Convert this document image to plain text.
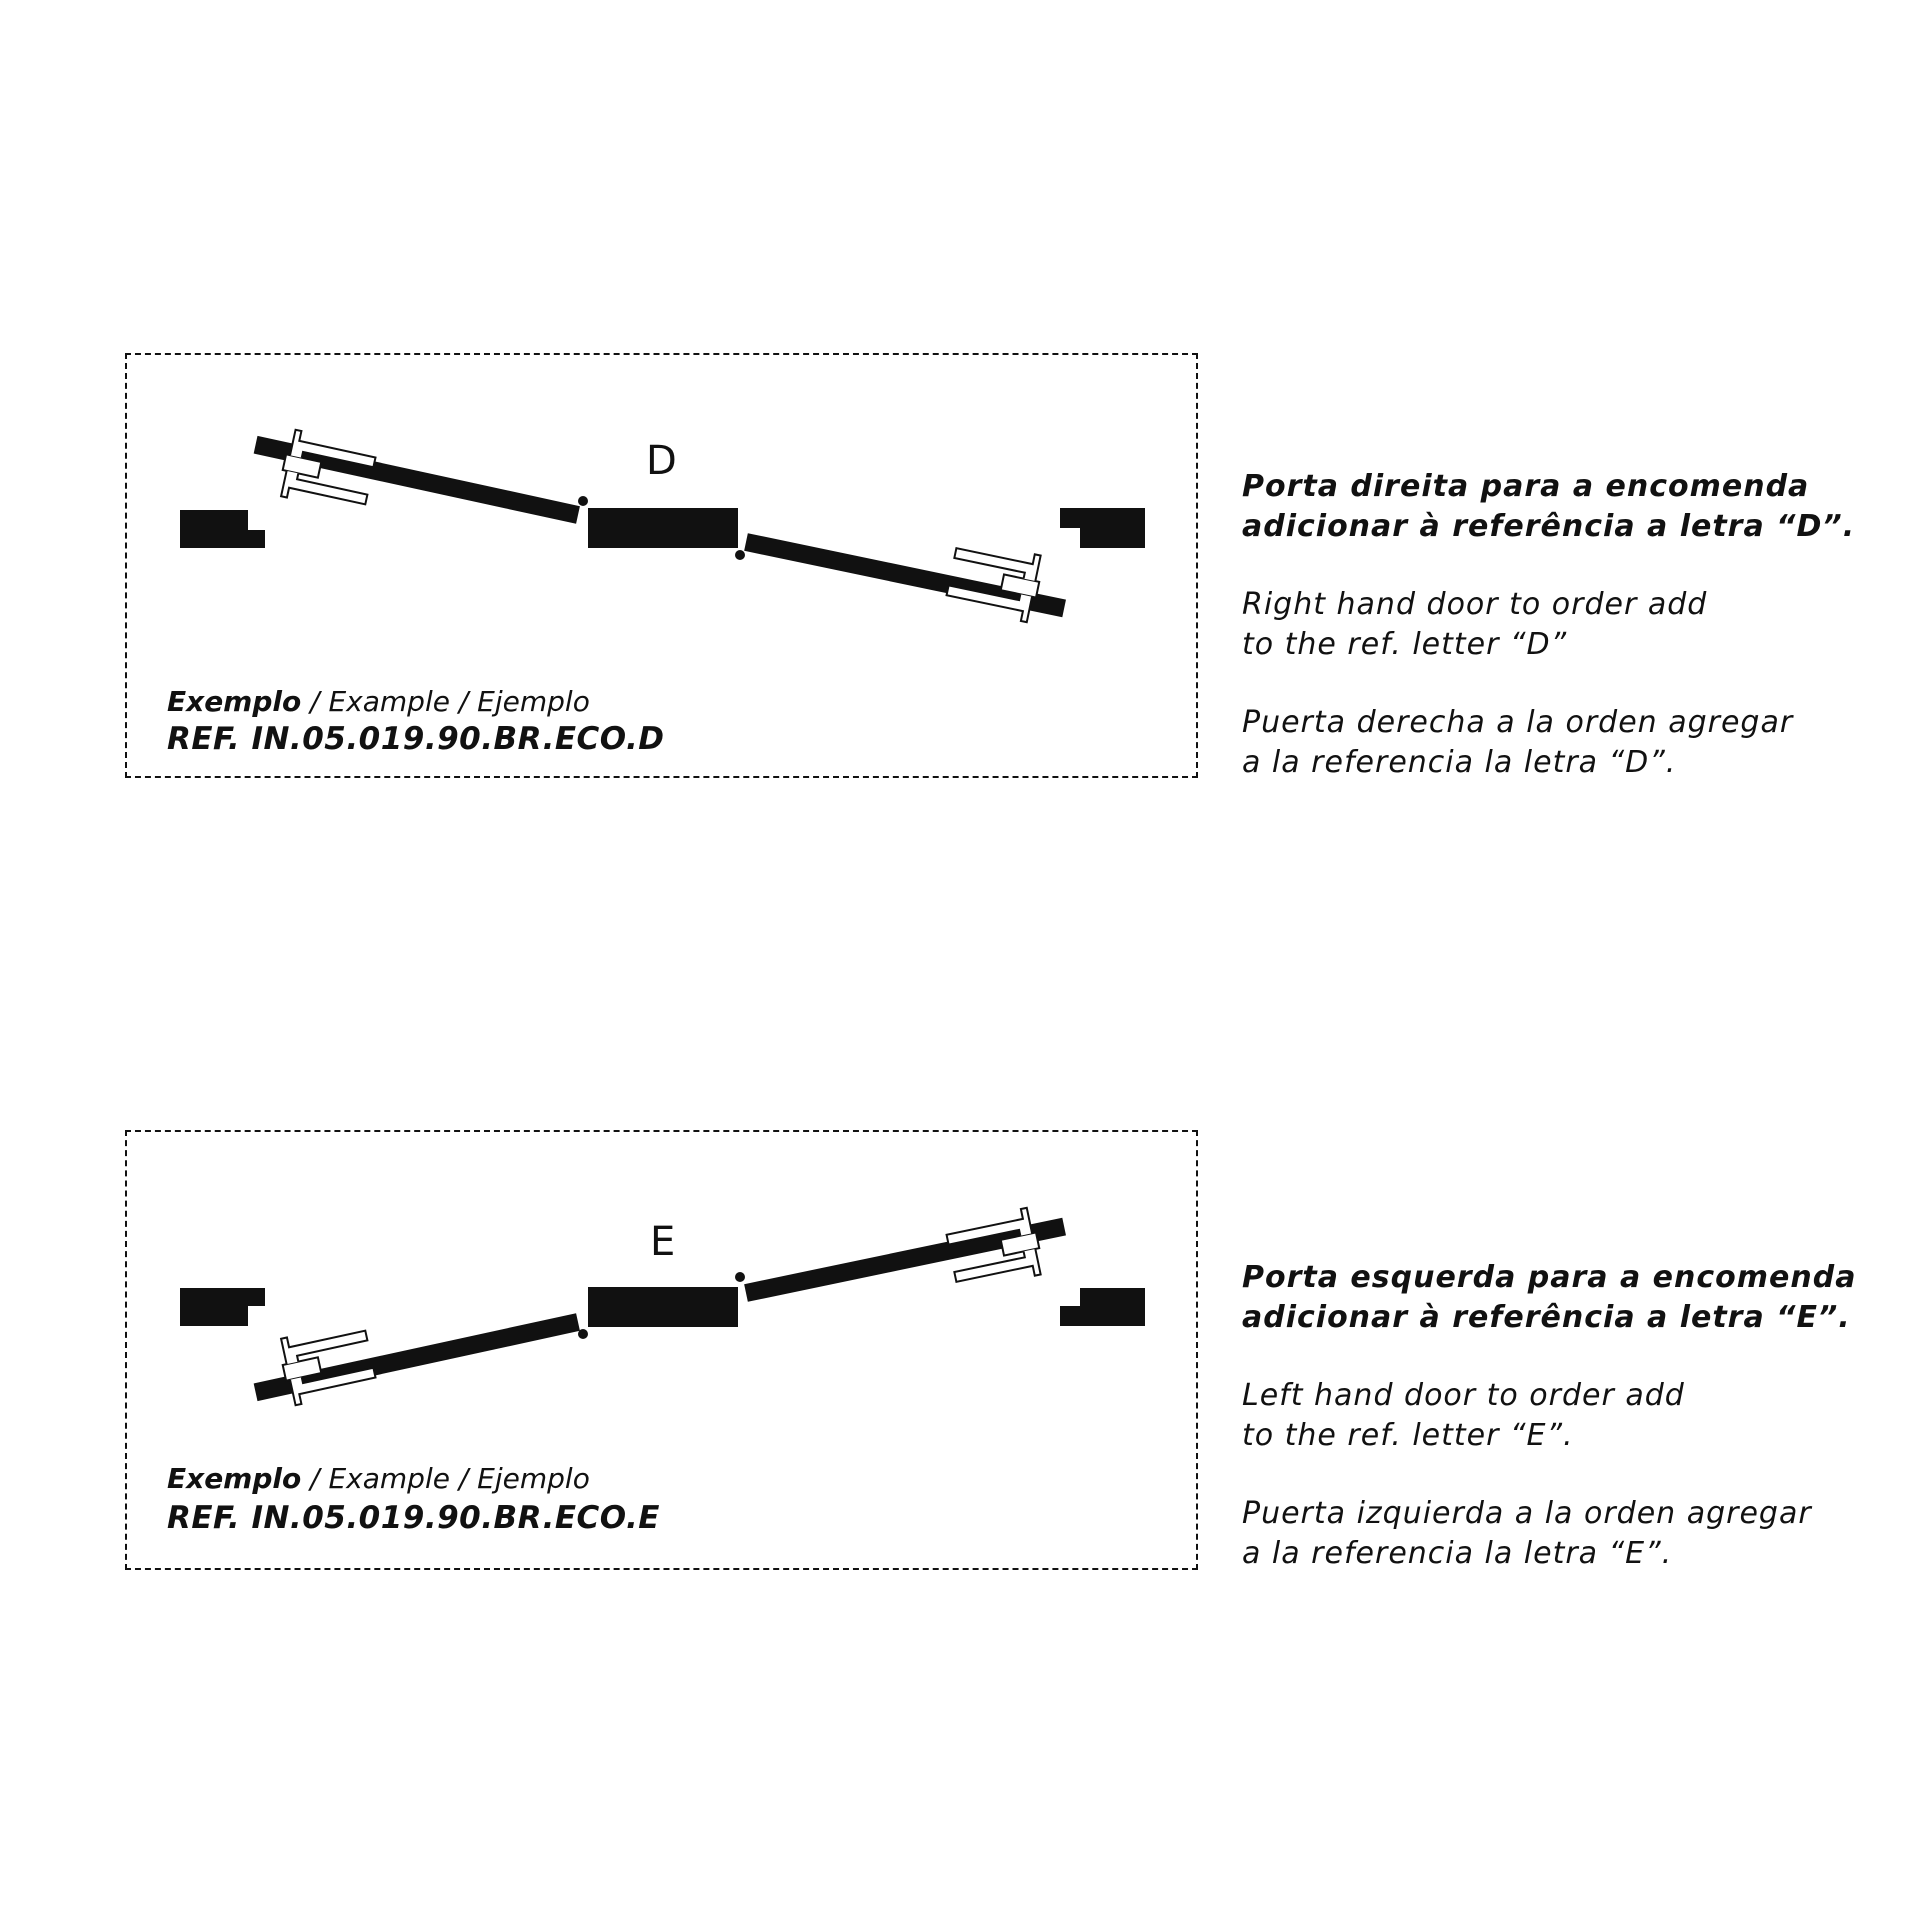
Exemplo / Example / Ejemplo
REF. IN.05.019.90.BR.ECO.D
D
Exemplo / Example / Ejemplo
REF. IN.05.019.90.BR.ECO.E
E

Porta direita para a encomenda
adicionar à referência a letra “D”.

Right hand door to order add
to the ref. letter “D”

Puerta derecha a la orden agregar
a la referencia la letra “D”.

Porta esquerda para a encomenda
adicionar à referência a letra “E”.

Left hand door to order add
to the ref. letter “E”.

Puerta izquierda a la orden agregar
a la referencia la letra “E”.
